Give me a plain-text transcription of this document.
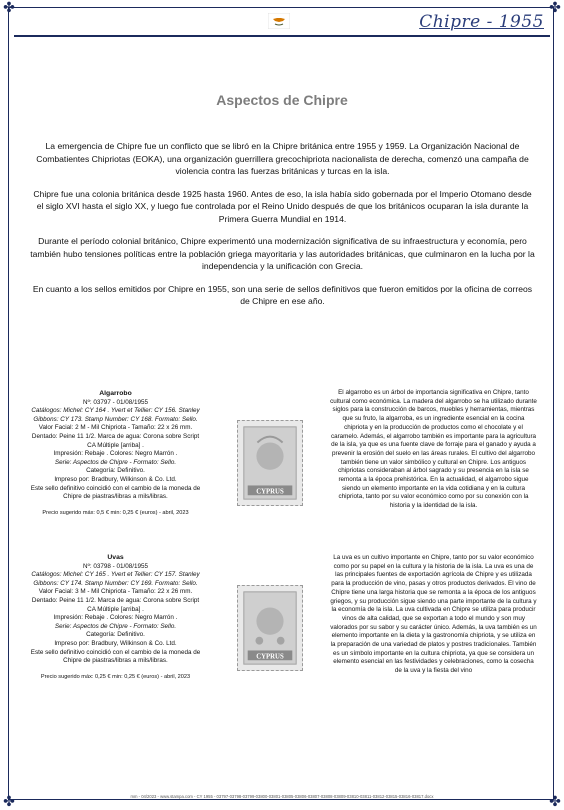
✤	✤
✤	✤
Chipre - 1955
Aspectos de Chipre

La emergencia de Chipre fue un conflicto que se libró en la Chipre británica entre 1955 y 1959. La Organización Nacional de Combatientes Chipriotas (EOKA), una organización guerrillera grecochipriota nacionalista de derecha, comenzó una campaña de violencia contra las fuerzas británicas y turcas en la isla.

Chipre fue una colonia británica desde 1925 hasta 1960. Antes de eso, la isla había sido gobernada por el Imperio Otomano desde el siglo XVI hasta el siglo XX, y luego fue controlada por el Reino Unido después de que los británicos ocuparan la isla durante la Primera Guerra Mundial en 1914.

Durante el período colonial británico, Chipre experimentó una modernización significativa de su infraestructura y economía, pero también hubo tensiones políticas entre la población griega mayoritaria y las autoridades británicas, que culminaron en la lucha por la independencia y la unificación con Grecia.

En cuanto a los sellos emitidos por Chipre en 1955, son una serie de sellos definitivos que fueron emitidos por la oficina de correos de Chipre en ese año.

Algarrobo
Nº: 03797 - 01/08/1955
Catálogos: Michel: CY 164 . Yvert et Tellier: CY 156. Stanley Gibbons: CY 173. Stamp Number: CY 168. Formato: Sello.
Valor Facial: 2 M - Mil Chipriota - Tamaño: 22 x 26 mm. Dentado: Peine 11 1/2. Marca de agua: Corona sobre Script CA Múltiple [arriba] .
Impresión: Rebaje . Colores: Negro Marrón .
Serie: Aspectos de Chipre - Formato: Sello.
Categoría: Definitivo.
Impreso por: Bradbury, Wilkinson & Co. Ltd.
Este sello definitivo coincidió con el cambio de la moneda de Chipre de piastras/libras a mils/libras.
Precio sugerido máx: 0,5 € min: 0,25 € (euros) - abril, 2023
CYPRUS
El algarrobo es un árbol de importancia significativa en Chipre, tanto cultural como económica. La madera del algarrobo se ha utilizado durante siglos para la construcción de barcos, muebles y herramientas, mientras que su fruto, la algarroba, es un ingrediente esencial en la cocina chipriota y en la producción de productos como el chocolate y el caramelo. Además, el algarrobo también es importante para la agricultura de la isla, ya que es una fuente clave de forraje para el ganado y ayuda a prevenir la erosión del suelo en las áreas rurales. El cultivo del algarrobo también tiene un valor simbólico y cultural en Chipre. Los antiguos chipriotas consideraban al árbol sagrado y su presencia en la isla se remonta a la época prehistórica. En la actualidad, el algarrobo sigue siendo un elemento importante en la vida cotidiana y en la cultura chipriota, tanto por su valor económico como por su conexión con la historia y la identidad de la isla.
Uvas
Nº: 03798 - 01/08/1955
Catálogos: Michel: CY 165 . Yvert et Tellier: CY 157. Stanley Gibbons: CY 174. Stamp Number: CY 169. Formato: Sello.
Valor Facial: 3 M - Mil Chipriota - Tamaño: 22 x 26 mm. Dentado: Peine 11 1/2. Marca de agua: Corona sobre Script CA Múltiple [arriba] .
Impresión: Rebaje . Colores: Negro Marrón .
Serie: Aspectos de Chipre - Formato: Sello.
Categoría: Definitivo.
Impreso por: Bradbury, Wilkinson & Co. Ltd.
Este sello definitivo coincidió con el cambio de la moneda de Chipre de piastras/libras a mils/libras.
Precio sugerido máx: 0,25 € min: 0,25 € (euros) - abril, 2023
CYPRUS
La uva es un cultivo importante en Chipre, tanto por su valor económico como por su papel en la cultura y la historia de la isla. La uva es una de las principales fuentes de exportación agrícola de Chipre y es utilizada para la producción de vino, pasas y otros productos derivados. El vino de Chipre tiene una larga historia que se remonta a la época de los antiguos griegos, y su producción sigue siendo una parte importante de la cultura y la economía de la isla. La uva cultivada en Chipre se utiliza para producir vinos de alta calidad, que se exportan a todo el mundo y son muy valorados por su sabor y su carácter único. Además, la uva también es un elemento importante en la dieta y la gastronomía chipriota, y se utiliza en la preparación de una variedad de platos y postres tradicionales. También es un símbolo importante en la cultura chipriota, ya que se considera un elemento esencial en las festividades y celebraciones, como la cosecha de la uva y la fiesta del vino
mm - 04/2023 - www.stampa.com - CY 1955 - 03797-03798-03799-03800-03801-03805-03806-03807-03808-03809-03810-03811-03812-03815-03816-03817.docx
